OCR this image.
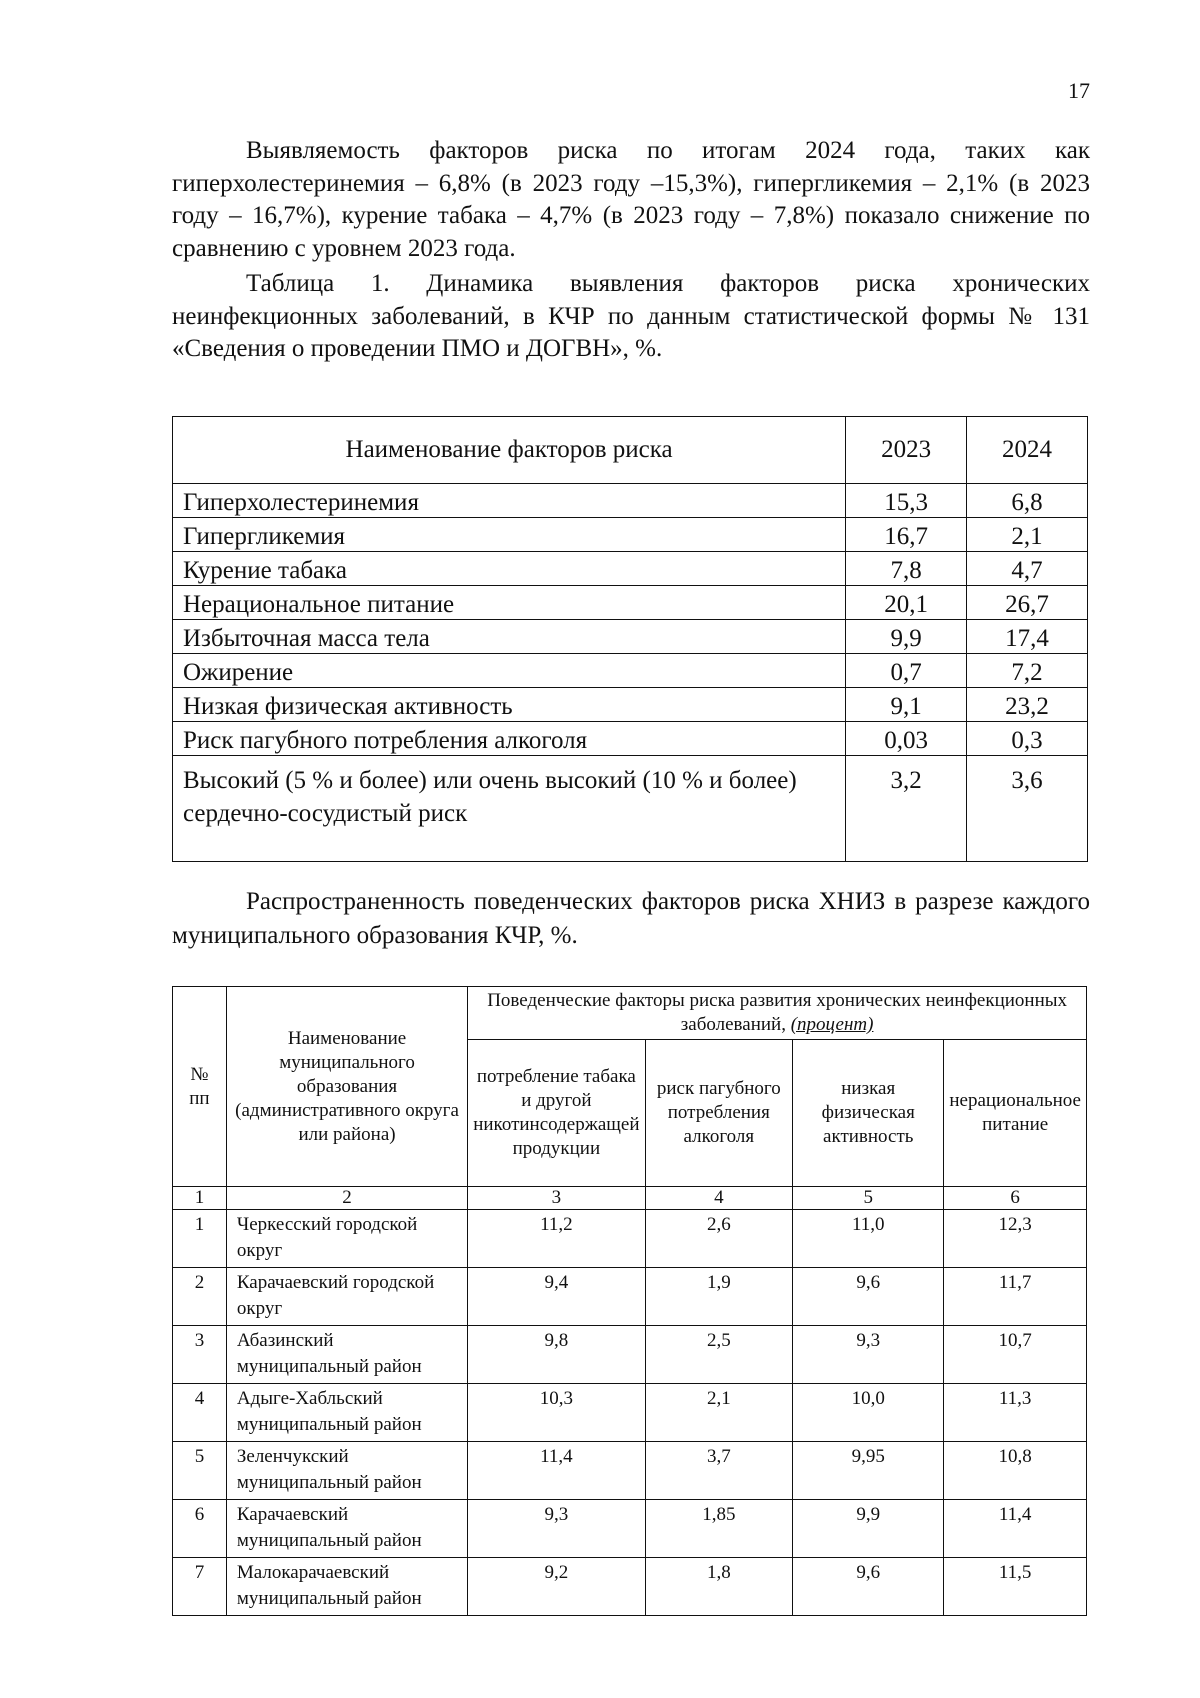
17

Выявляемость факторов риска по итогам 2024 года, таких как гиперхолестеринемия – 6,8% (в 2023 году –15,3%), гипергликемия – 2,1% (в 2023 году – 16,7%), курение табака – 4,7% (в 2023 году – 7,8%) показало снижение по сравнению с уровнем 2023 года.

Таблица 1. Динамика выявления факторов риска хронических неинфекционных заболеваний, в КЧР по данным статистической формы № 131 «Сведения о проведении ПМО и ДОГВН», %.

Наименование факторов риска	2023	2024
Гиперхолестеринемия	15,3	6,8
Гипергликемия	16,7	2,1
Курение табака	7,8	4,7
Нерациональное питание	20,1	26,7
Избыточная масса тела	9,9	17,4
Ожирение	0,7	7,2
Низкая физическая активность	9,1	23,2
Риск пагубного потребления алкоголя	0,03	0,3
Высокий (5 % и более) или очень высокий (10 % и более) сердечно-сосудистый риск	3,2	3,6

Распространенность поведенческих факторов риска ХНИЗ в разрезе каждого муниципального образования КЧР, %.

№ пп	Наименование муниципального образования (административного округа или района)	Поведенческие факторы риска развития хронических неинфекционных заболеваний, (процент)			
		потребление табака и другой никотинсодержащей продукции	риск пагубного потребления алкоголя	низкая физическая активность	нерациональное питание
1	2	3	4	5	6
1	Черкесский городской округ	11,2	2,6	11,0	12,3
2	Карачаевский городской округ	9,4	1,9	9,6	11,7
3	Абазинский муниципальный район	9,8	2,5	9,3	10,7
4	Адыге-Хабльский муниципальный район	10,3	2,1	10,0	11,3
5	Зеленчукский муниципальный район	11,4	3,7	9,95	10,8
6	Карачаевский муниципальный район	9,3	1,85	9,9	11,4
7	Малокарачаевский муниципальный район	9,2	1,8	9,6	11,5
